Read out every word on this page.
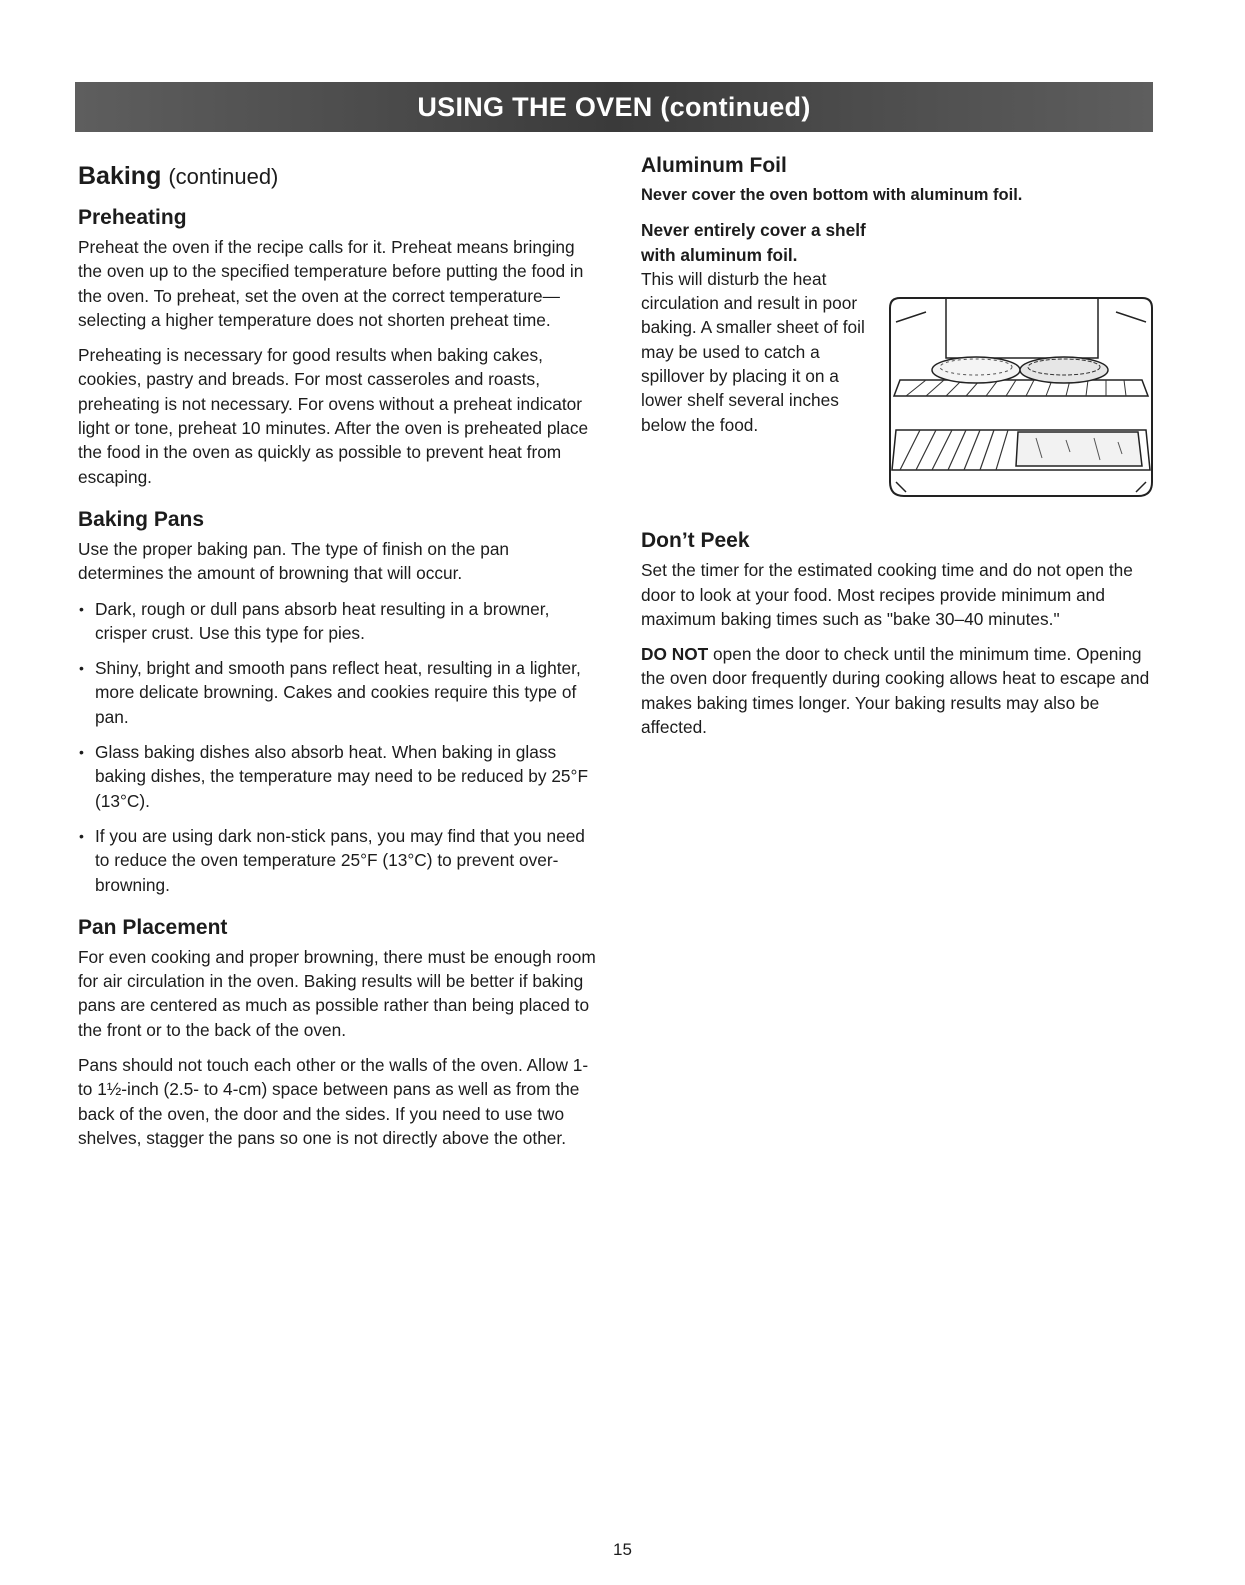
USING THE OVEN (continued)
Baking (continued)
Preheating

Preheat the oven if the recipe calls for it. Preheat means bringing the oven up to the specified temperature before putting the food in the oven. To preheat, set the oven at the correct temperature—selecting a higher temperature does not shorten preheat time.

Preheating is necessary for good results when baking cakes, cookies, pastry and breads. For most casseroles and roasts, preheating is not necessary. For ovens without a preheat indicator light or tone, preheat 10 minutes. After the oven is preheated place the food in the oven as quickly as possible to prevent heat from escaping.

Baking Pans

Use the proper baking pan. The type of finish on the pan determines the amount of browning that will occur.

• Dark, rough or dull pans absorb heat resulting in a browner, crisper crust. Use this type for pies.
• Shiny, bright and smooth pans reflect heat, resulting in a lighter, more delicate browning. Cakes and cookies require this type of pan.
• Glass baking dishes also absorb heat. When baking in glass baking dishes, the temperature may need to be reduced by 25°F (13°C).
• If you are using dark non-stick pans, you may find that you need to reduce the oven temperature 25°F (13°C) to prevent over-browning.
Pan Placement

For even cooking and proper browning, there must be enough room for air circulation in the oven. Baking results will be better if baking pans are centered as much as possible rather than being placed to the front or to the back of the oven.

Pans should not touch each other or the walls of the oven. Allow 1- to 1½-inch (2.5- to 4-cm) space between pans as well as from the back of the oven, the door and the sides. If you need to use two shelves, stagger the pans so one is not directly above the other.

Aluminum Foil

Never cover the oven bottom with aluminum foil.

Never entirely cover a shelf with aluminum foil.
This will disturb the heat circulation and result in poor baking. A smaller sheet of foil may be used to catch a spillover by placing it on a lower shelf several inches below the food.

Don’t Peek

Set the timer for the estimated cooking time and do not open the door to look at your food. Most recipes provide minimum and maximum baking times such as "bake 30–40 minutes."

DO NOT open the door to check until the minimum time. Opening the oven door frequently during cooking allows heat to escape and makes baking times longer. Your baking results may also be affected.

15
